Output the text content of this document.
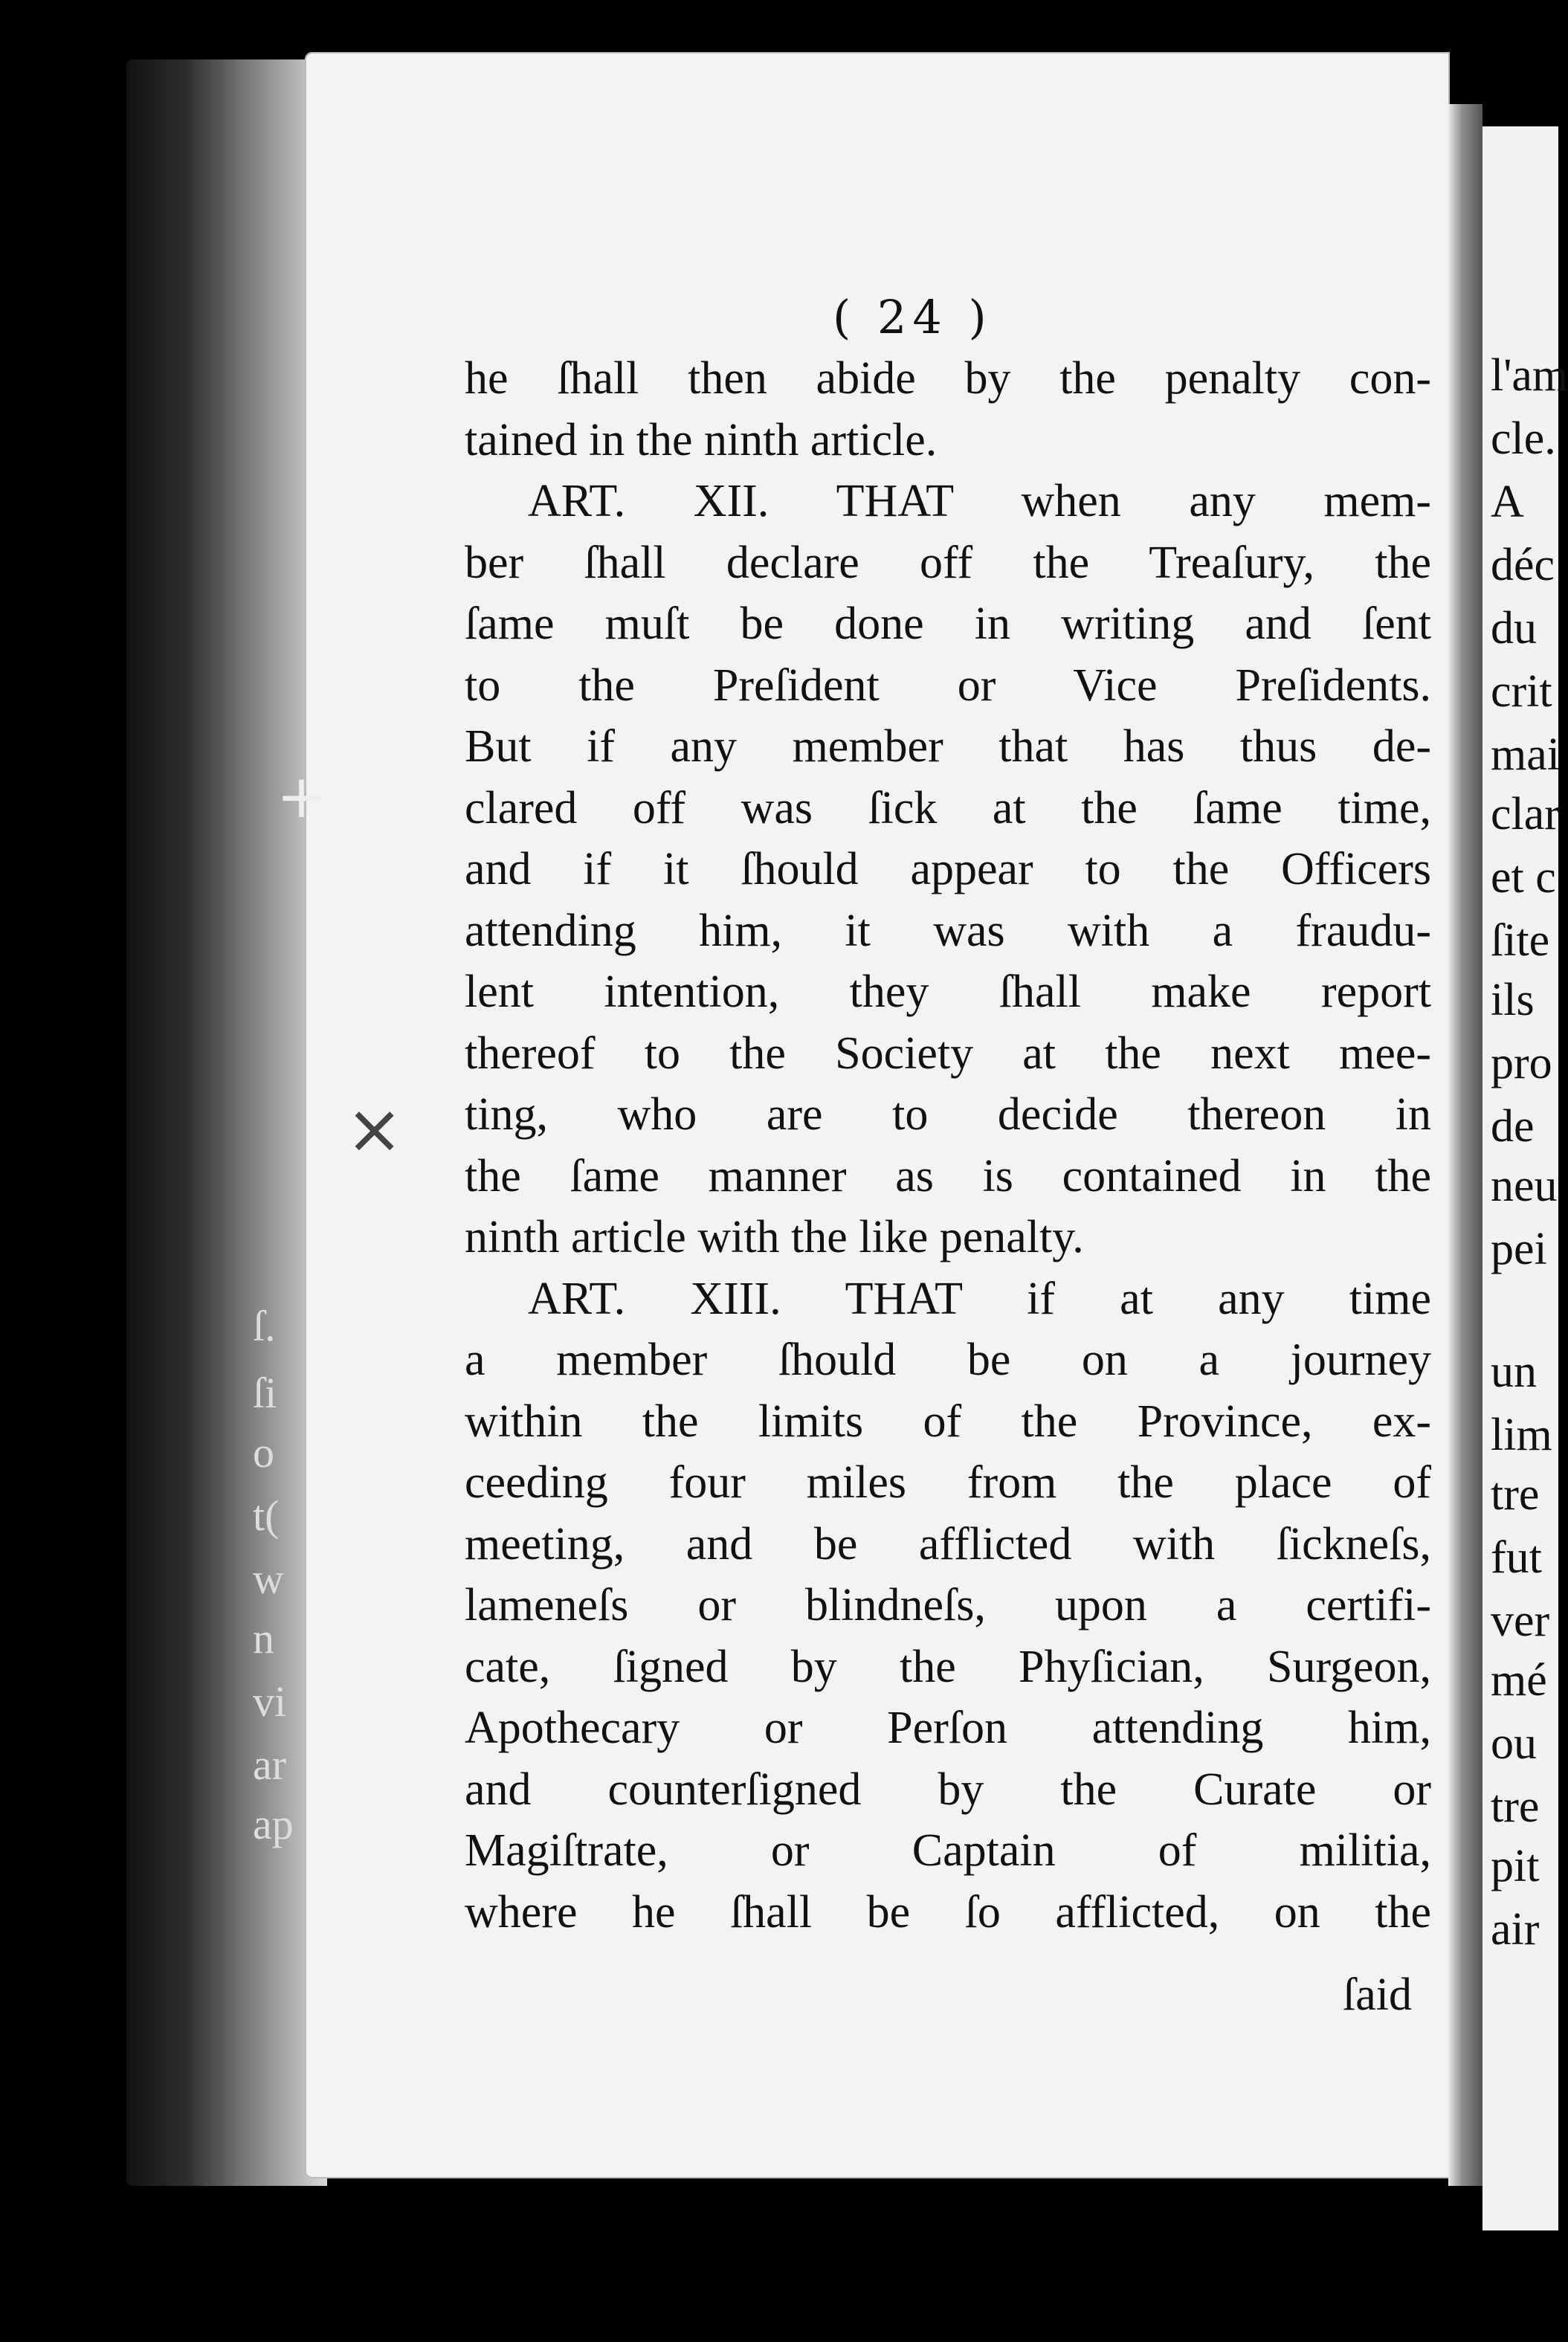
ſ.
ſi
o
t(
w
n
vi
ar
ap
l'am
cle.
A
déc
du
crit
mai
clar
et c
ſite
ils
pro
de
neu
pei
un
lim
tre
fut
ver
mé
ou
tre
pit
air
+
×
( 24 )
he ſhall then abide by the penalty con-
tained in the ninth article.
ART. XII. THAT when any mem-
ber ſhall declare off the Treaſury, the
ſame muſt be done in writing and ſent
to the Preſident or Vice Preſidents.
But if any member that has thus de-
clared off was ſick at the ſame time,
and if it ſhould appear to the Officers
attending him, it was with a fraudu-
lent intention, they ſhall make report
thereof to the Society at the next mee-
ting, who are to decide thereon in
the ſame manner as is contained in the
ninth article with the like penalty.
ART. XIII. THAT if at any time
a member ſhould be on a journey
within the limits of the Province, ex-
ceeding four miles from the place of
meeting, and be afflicted with ſickneſs,
lameneſs or blindneſs, upon a certifi-
cate, ſigned by the Phyſician, Surgeon,
Apothecary or Perſon attending him,
and counterſigned by the Curate or
Magiſtrate, or Captain of militia,
where he ſhall be ſo afflicted, on the
ſaid
